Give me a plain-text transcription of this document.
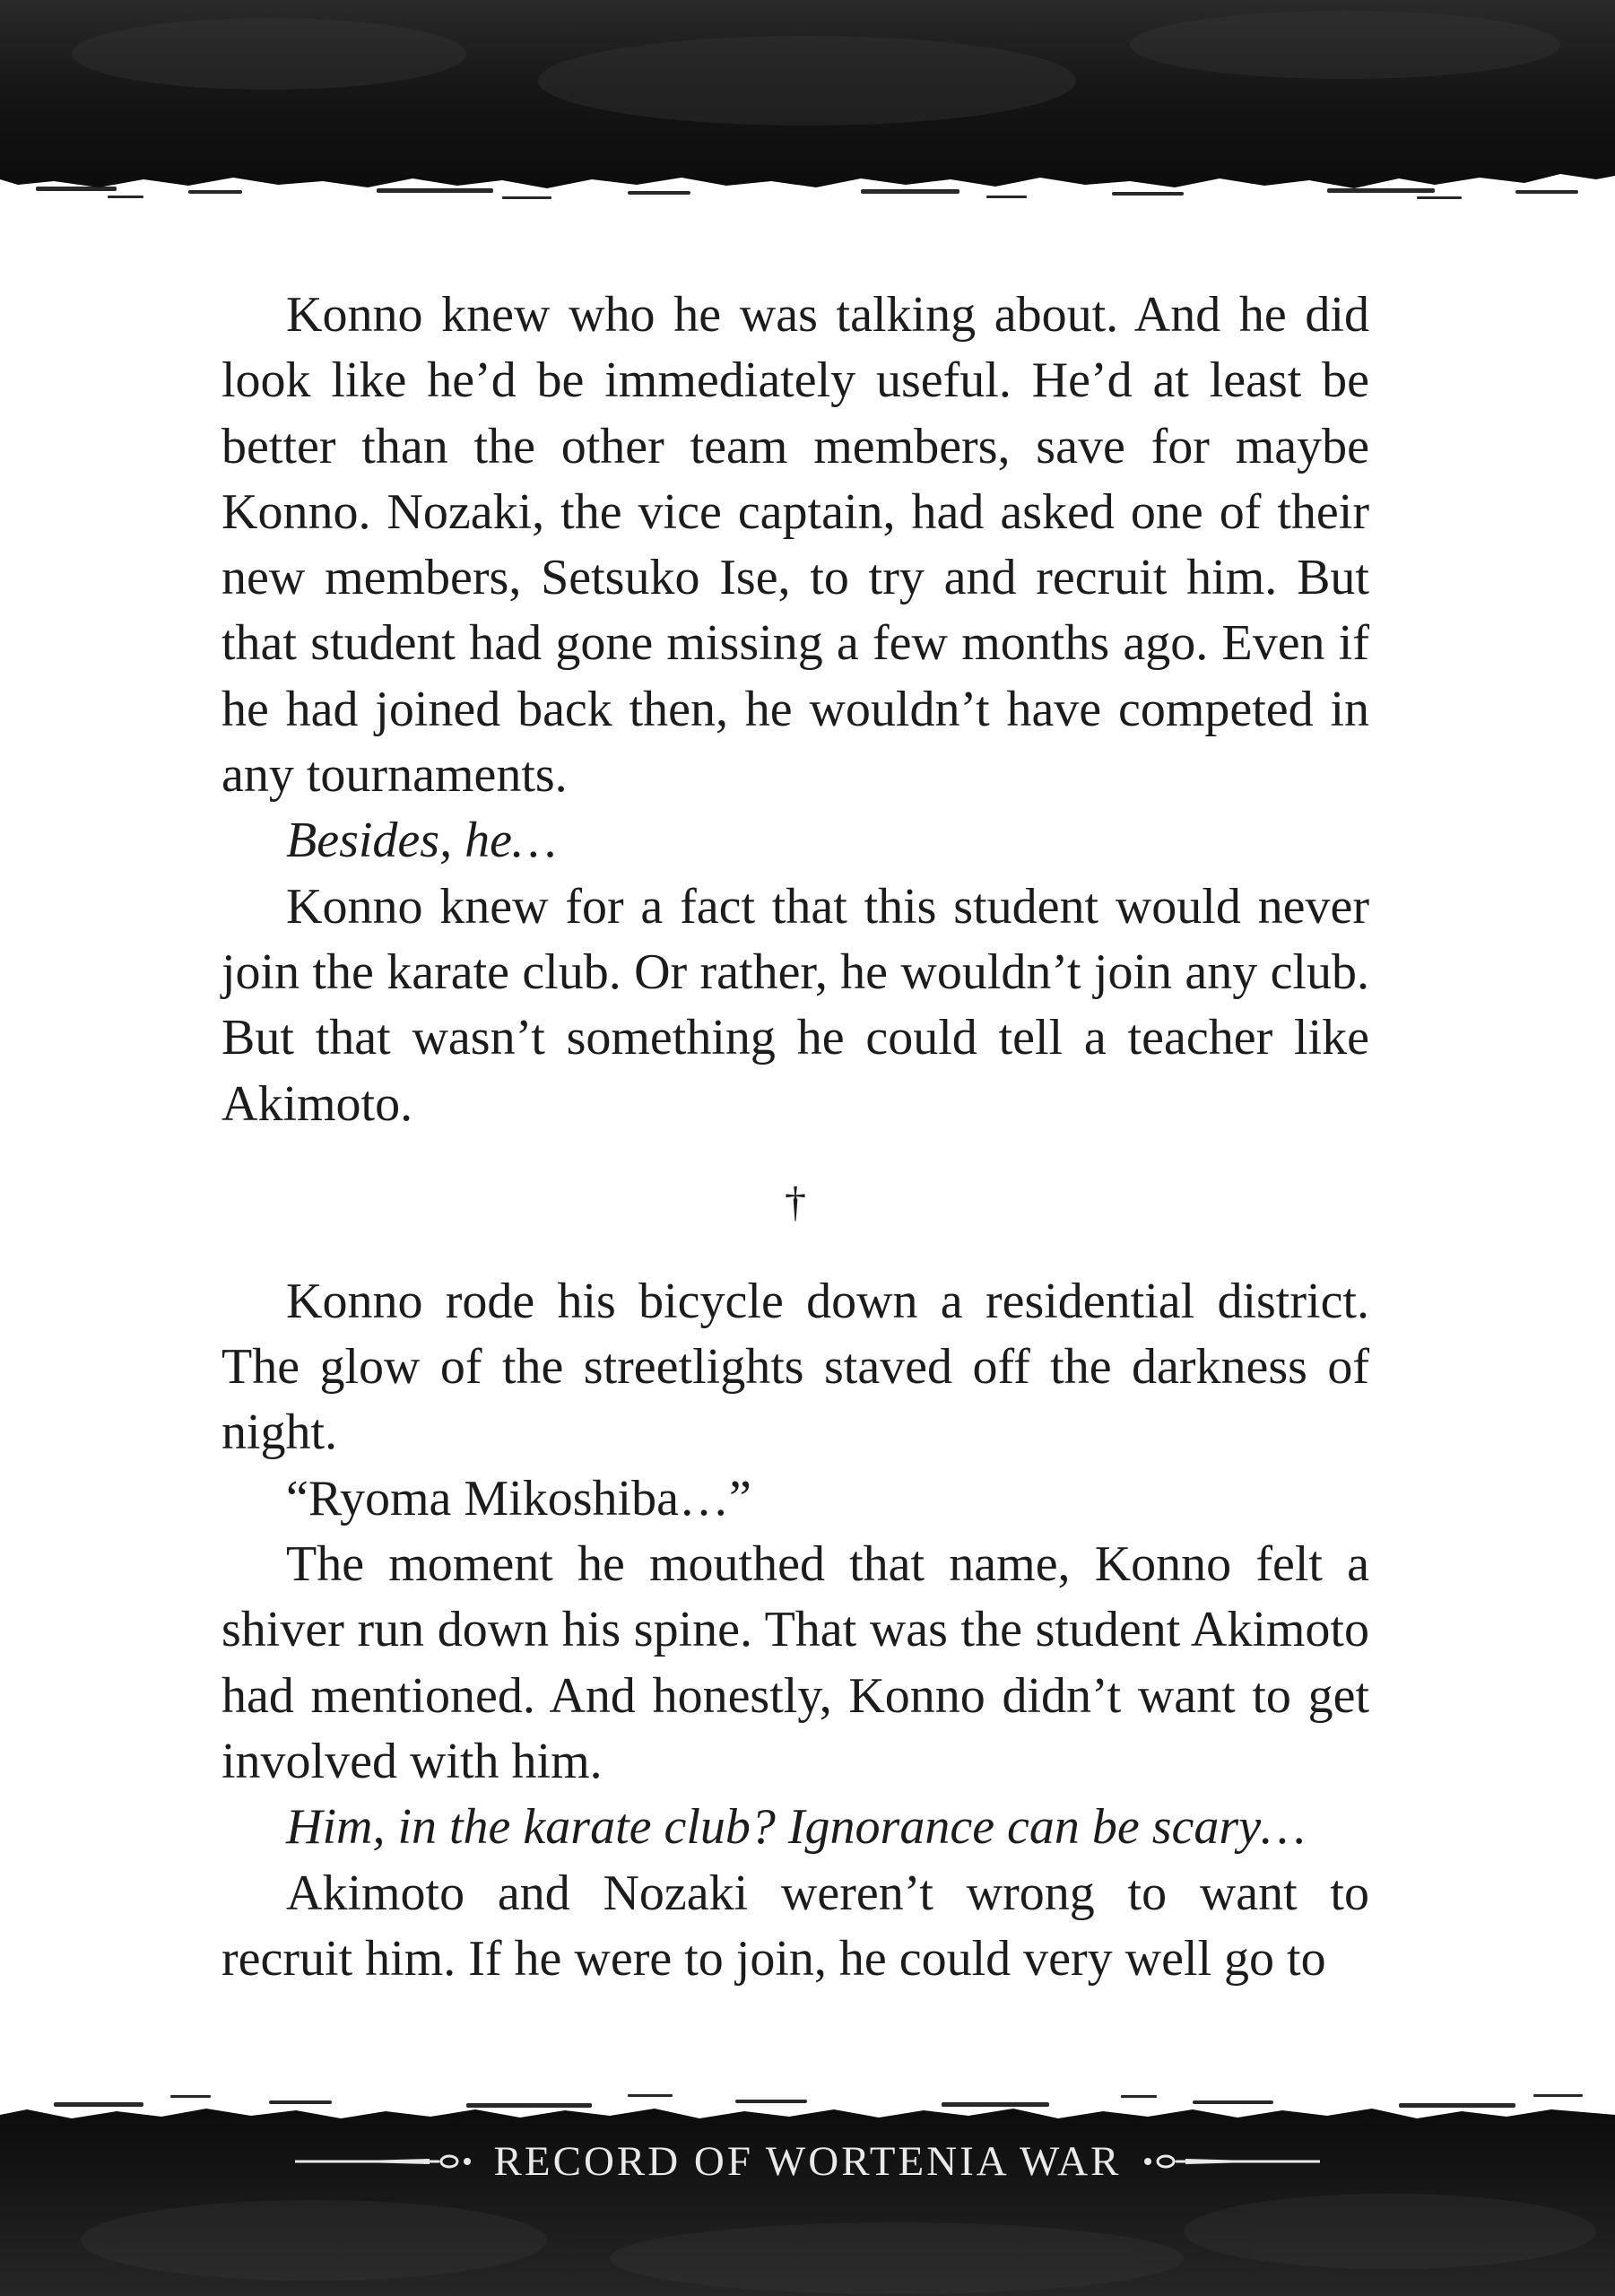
Konno knew who he was talking about. And he did look like he’d be immediately useful. He’d at least be better than the other team members, save for maybe Konno. Nozaki, the vice captain, had asked one of their new members, Setsuko Ise, to try and recruit him. But that student had gone missing a few months ago. Even if he had joined back then, he wouldn’t have competed in any tournaments.

Besides, he…

Konno knew for a fact that this student would never join the karate club. Or rather, he wouldn’t join any club. But that wasn’t something he could tell a teacher like Akimoto.

†

Konno rode his bicycle down a residential district. The glow of the streetlights staved off the darkness of night.

“Ryoma Mikoshiba…”

The moment he mouthed that name, Konno felt a shiver run down his spine. That was the student Akimoto had mentioned. And honestly, Konno didn’t want to get involved with him.

Him, in the karate club? Ignorance can be scary…

Akimoto and Nozaki weren’t wrong to want to recruit him. If he were to join, he could very well go to

RECORD OF WORTENIA WAR
